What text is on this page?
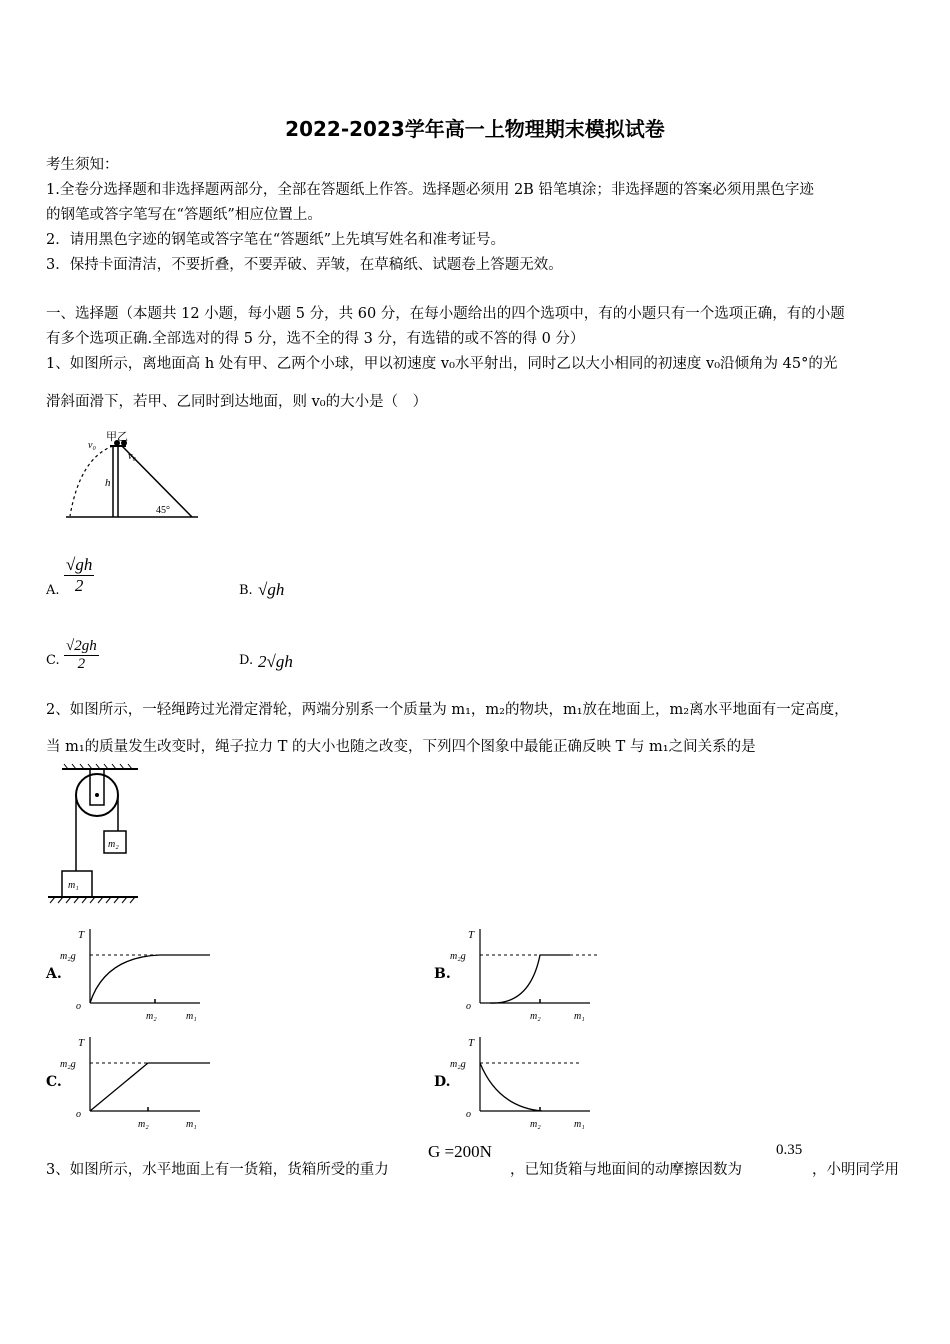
2022-2023学年高一上物理期末模拟试卷
考生须知：
1.全卷分选择题和非选择题两部分，全部在答题纸上作答。选择题必须用 2B 铅笔填涂；非选择题的答案必须用黑色字迹
的钢笔或答字笔写在“答题纸”相应位置上。
2．请用黑色字迹的钢笔或答字笔在“答题纸”上先填写姓名和准考证号。
3．保持卡面清洁，不要折叠，不要弄破、弄皱，在草稿纸、试题卷上答题无效。
一、选择题（本题共 12 小题，每小题 5 分，共 60 分，在每小题给出的四个选项中，有的小题只有一个选项正确，有的小题
有多个选项正确.全部选对的得 5 分，选不全的得 3 分，有选错的或不答的得 0 分）
1、如图所示，离地面高 h 处有甲、乙两个小球，甲以初速度 v₀水平射出，同时乙以大小相同的初速度 v₀沿倾角为 45°的光
滑斜面滑下，若甲、乙同时到达地面，则 v₀的大小是（　）
甲乙
v₀
v₀
h
45°
A. $\frac{√gh}{2}$	B. √gh
C. $\frac{√2gh}{2}$	D. 2√gh
2、如图所示，一轻绳跨过光滑定滑轮，两端分别系一个质量为 m₁，m₂的物块，m₁放在地面上，m₂离水平地面有一定高度，
当 m₁的质量发生改变时，绳子拉力 T 的大小也随之改变，下列四个图象中最能正确反映 T 与 m₁之间关系的是
m₂
m₁
A.
T
m₂g
o
m₂	m₁
B.
T
m₂g
o
m₂	m₁
C.
T
m₂g
o
m₂	m₁
D.
T
m₂g
o
m₂	m₁
3、如图所示，水平地面上有一货箱，货箱所受的重力
G =200N
，已知货箱与地面间的动摩擦因数为
0.35
，小明同学用
